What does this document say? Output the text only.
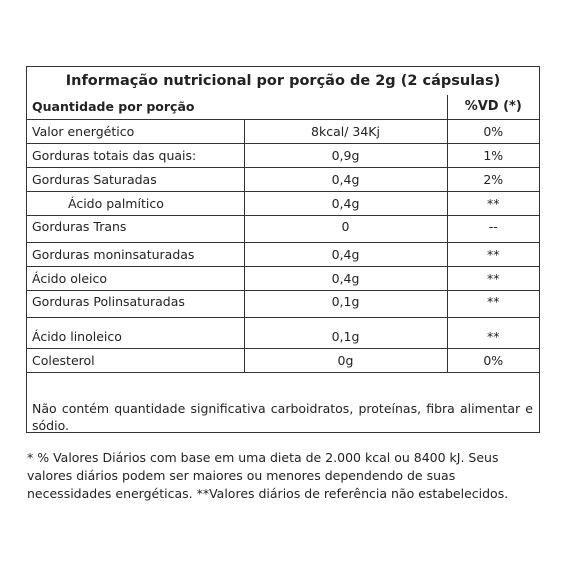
Informação nutricional por porção de 2g (2 cápsulas)
Quantidade por porção		%VD (*)
Valor energético	8kcal/ 34Kj	0%
Gorduras totais das quais:	0,9g	1%
Gorduras Saturadas	0,4g	2%
Ácido palmítico	0,4g	**
Gorduras Trans	0	--
Gorduras moninsaturadas	0,4g	**
Ácido oleico	0,4g	**
Gorduras Polinsaturadas	0,1g	**
Ácido linoleico	0,1g	**
Colesterol	0g	0%
Não contém quantidade significativa carboidratos, proteínas, fibra alimentar e sódio.
* % Valores Diários com base em uma dieta de 2.000 kcal ou 8400 kJ. Seus valores diários podem ser maiores ou menores dependendo de suas necessidades energéticas. **Valores diários de referência não estabelecidos.
